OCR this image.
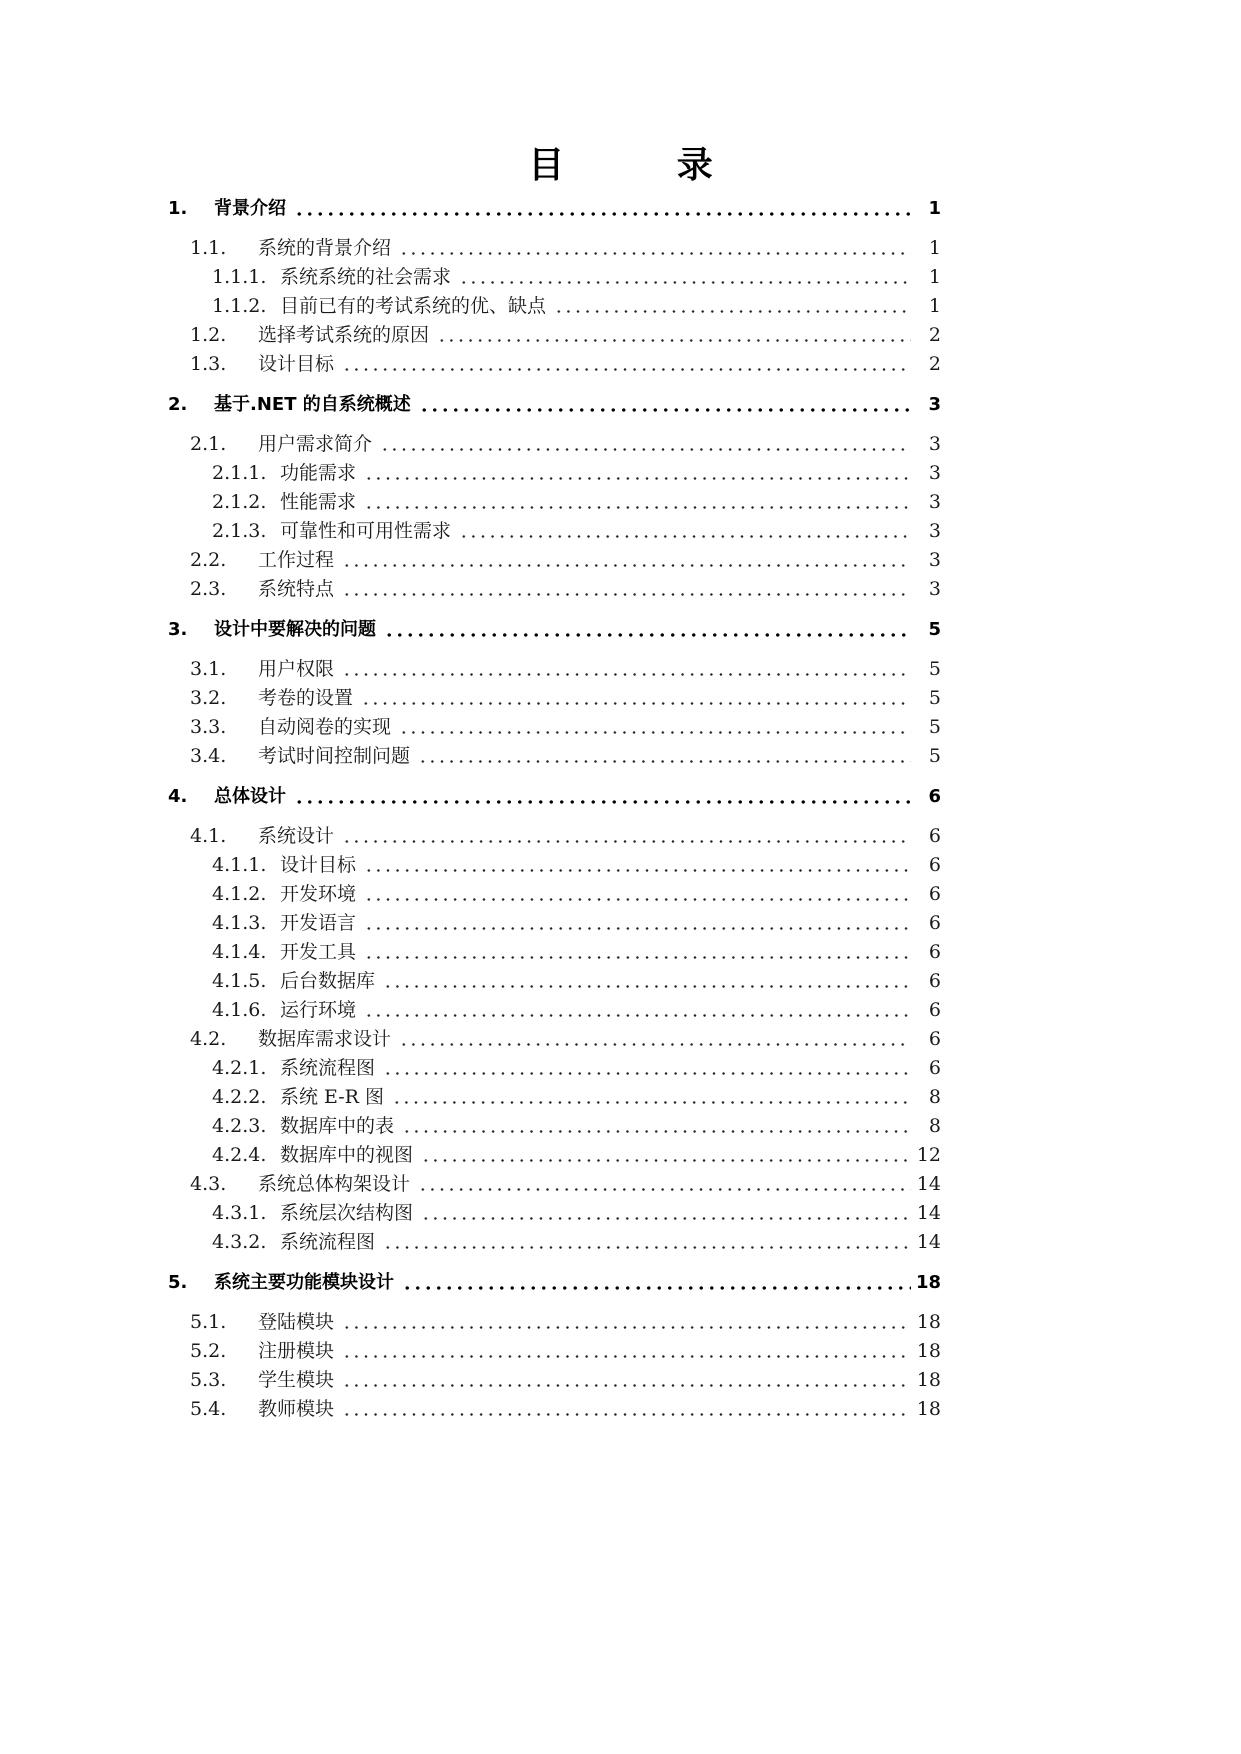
目 录
1.	背景介绍	1
1.1.	系统的背景介绍	1
1.1.1. 系统系统的社会需求	1
1.1.2. 目前已有的考试系统的优、缺点	1
1.2.	选择考试系统的原因	2
1.3.	设计目标	2
2.	基于.NET 的自系统概述	3
2.1.	用户需求简介	3
2.1.1. 功能需求	3
2.1.2. 性能需求	3
2.1.3. 可靠性和可用性需求	3
2.2.	工作过程	3
2.3.	系统特点	3
3.	设计中要解决的问题	5
3.1.	用户权限	5
3.2.	考卷的设置	5
3.3.	自动阅卷的实现	5
3.4.	考试时间控制问题	5
4.	总体设计	6
4.1.	系统设计	6
4.1.1. 设计目标	6
4.1.2. 开发环境	6
4.1.3. 开发语言	6
4.1.4. 开发工具	6
4.1.5. 后台数据库	6
4.1.6. 运行环境	6
4.2.	数据库需求设计	6
4.2.1. 系统流程图	6
4.2.2. 系统 E-R 图	8
4.2.3. 数据库中的表	8
4.2.4. 数据库中的视图	12
4.3.	系统总体构架设计	14
4.3.1. 系统层次结构图	14
4.3.2. 系统流程图	14
5.	系统主要功能模块设计	18
5.1.	登陆模块	18
5.2.	注册模块	18
5.3.	学生模块	18
5.4.	教师模块	18
